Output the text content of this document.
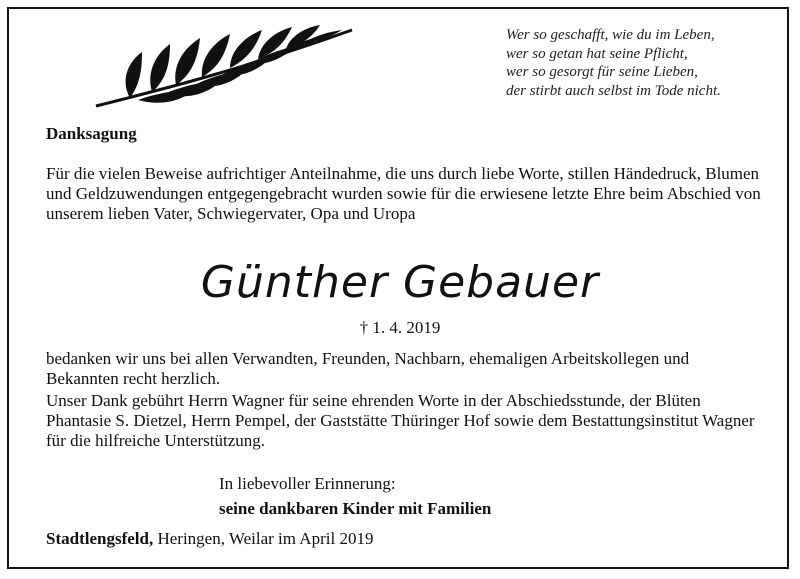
Wer so geschafft, wie du im Leben,
wer so getan hat seine Pflicht,
wer so gesorgt für seine Lieben,
der stirbt auch selbst im Tode nicht.
Danksagung
Für die vielen Beweise aufrichtiger Anteilnahme, die uns durch liebe Worte, stillen Händedruck, Blumen und Geldzuwendungen entgegengebracht wurden sowie für die erwiesene letzte Ehre beim Abschied von unserem lieben Vater, Schwiegervater, Opa und Uropa
Günther Gebauer
† 1. 4. 2019
bedanken wir uns bei allen Verwandten, Freunden, Nachbarn, ehemaligen Arbeitskollegen und Bekannten recht herzlich.
Unser Dank gebührt Herrn Wagner für seine ehrenden Worte in der Abschiedsstunde, der Blüten Phantasie S. Dietzel, Herrn Pempel, der Gaststätte Thüringer Hof sowie dem Bestattungsinstitut Wagner für die hilfreiche Unterstützung.
In liebevoller Erinnerung:
seine dankbaren Kinder mit Familien
Stadtlengsfeld, Heringen, Weilar im April 2019
